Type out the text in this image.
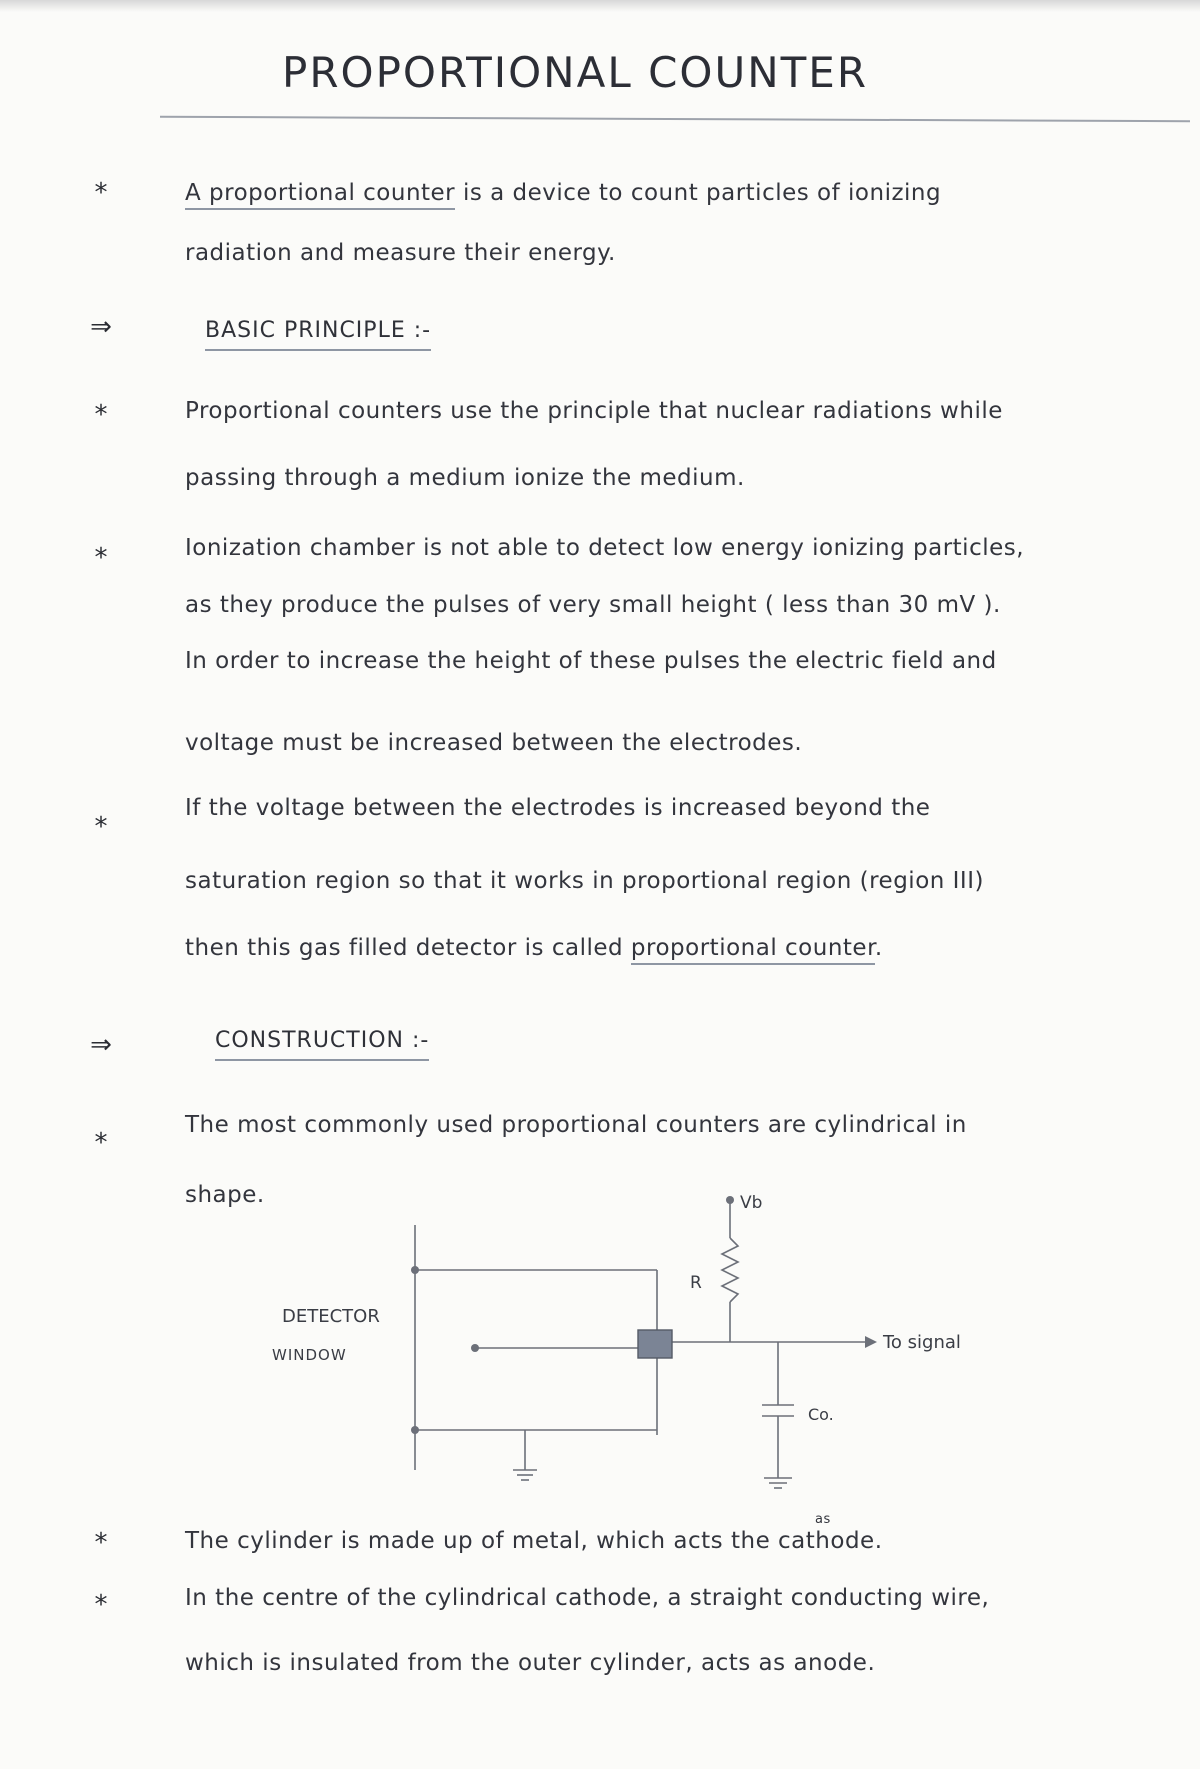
PROPORTIONAL COUNTER
*	A proportional counter is a device to count particles of ionizing
radiation and measure their energy.
⇒	BASIC PRINCIPLE :-
*	Proportional counters use the principle that nuclear radiations while
passing through a medium ionize the medium.
*	Ionization chamber is not able to detect low energy ionizing particles,
as they produce the pulses of very small height ( less than 30 mV ).
In order to increase the height of these pulses the electric field and
voltage must be increased between the electrodes.
*
If the voltage between the electrodes is increased beyond the
saturation region so that it works in proportional region (region III)
then this gas filled detector is called proportional counter.
⇒	CONSTRUCTION :-
*
The most commonly used proportional counters are cylindrical in
shape.	Vb
R
To signal
Co.
DETECTOR
WINDOW
*
as
The cylinder is made up of metal, which acts the cathode.
*	In the centre of the cylindrical cathode, a straight conducting wire,
which is insulated from the outer cylinder, acts as anode.
